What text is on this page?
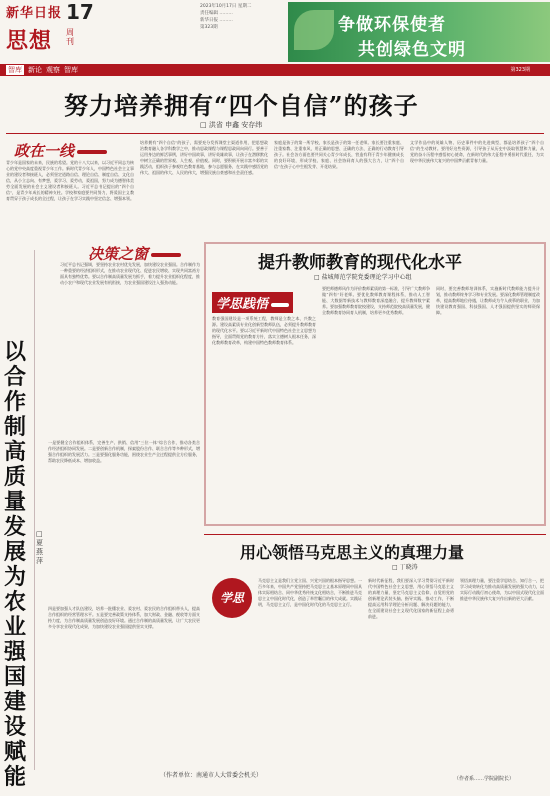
新华日报 17
思想 周刊
2023年10月17日 星期二
责任编辑 ………
新华日报 ………
第323期	争做环保使者
共创绿色文明
智库 新论 观察 智库	第323期
努力培养拥有“四个自信”的孩子
□ 洪省 申鑫 安存纬
政在一线
青少年是国家的未来，民族的希望。党的十八大以来，以习近平同志为核心的党中央高度重视青少年工作。新时代青少年人，中国特色社会主义事业的建设者和接班人，必须坚定道路自信、理论自信、制度自信、文化自信，从小立志向、有梦想，爱学习、爱劳动，爱祖国，努力成为德智体美劳全面发展的社会主义建设者和接班人。习近平总书记提出的“四个自信”，是青少年成长的精神支柱。学校和家庭要共同努力，将爱国主义教育贯穿于孩子成长的全过程，让孩子在学习实践中坚定信念、增强本领。
培养拥有“四个自信”的孩子，需要充分发挥课堂主渠道作用，把思想政治教育融入各学科教学之中，推动思政课程与课程思政同向同行。要善于运用身边的鲜活事例，讲好中国故事，讲好英雄故事，让孩子在潜移默化中树立正确的世界观、人生观、价值观。同时，要积极开展丰富多彩的实践活动，组织孩子参观红色教育基地，参与志愿服务，在实践中感悟党的伟大、祖国的伟大、人民的伟大，增强民族自豪感和社会责任感。
家庭是孩子的第一所学校，家长是孩子的第一任老师。家长要注重家庭、注重家教、注重家风，用正确的思想、正确的方法、正确的行动教育引导孩子。社会各方面也要共同关心青少年成长，营造有利于青少年健康成长的良好环境，形成学校、家庭、社会协同育人的强大合力，让“四个自信”在孩子心中生根发芽、开花结果。
文学作品中的英雄人物、历史事件中的先进典型，都是培养孩子“四个自信”的生动教材。要用好这些资源，引导孩子从历史中汲取智慧和力量，从党的奋斗历程中感悟初心使命，在新时代的伟大征程中勇担时代重任，为实现中华民族伟大复兴的中国梦贡献青春力量。
以合作制高质量发展为农业强国建设赋能
□ 夏燕萍
决策之窗
习近平总书记强调，要坚持农业农村优先发展，加快建设农业强国。合作制作为一种重要的经济组织形式，在推动农业现代化、促进农民增收、实现共同富裕方面具有独特优势。要以合作制高质量发展为抓手，着力提升农业组织化程度，推动小农户和现代农业发展有机衔接，为农业强国建设注入强劲动能。
一是要健全合作组织体系，完善生产、供销、信用“三位一体”综合合作，推动各类合作经济组织协同发展。二是要创新合作机制，探索股份合作、联合合作等多种形式，增强合作组织的发展活力。三是要强化服务功能，围绕农业生产全过程提供全方位服务，帮助农民降低成本、增加收益。
四是要加强人才队伍建设，培养一批懂农业、爱农村、爱农民的合作组织带头人，提高合作组织的经营管理水平。五是要完善政策支持体系，加大财政、金融、税收等方面支持力度，为合作制高质量发展创造良好环境。通过合作制的高质量发展，让广大农民更多分享农业现代化成果，为加快建设农业强国提供坚实支撑。
（作者单位：南通市人大常委会机关）
提升教师教育的现代化水平
□ 盐城师范学院党委理论学习中心组
学思践悟
教育强国建设是一项系统工程，教师是立教之本、兴教之源。建设高素质专业化创新型教师队伍，必须提升教师教育的现代化水平。要以习近平新时代中国特色社会主义思想为指导，全面贯彻党的教育方针，落实立德树人根本任务，深化教师教育改革，构建中国特色教师教育体系。
要把师德师风作为评价教师素质的第一标准，引导广大教师争做“四有”好老师。要优化教师教育课程体系，推动人工智能、大数据等新技术与教师教育深度融合，提升教师数字素养。要加强教师教育院校建设，支持师范院校高质量发展，健全教师教育协同育人机制，培养更多优秀教师。
同时，要完善教师培训体系，实施新时代教师能力提升计划，推动教师终身学习和专业发展。要深化教师管理制度改革，提高教师地位待遇，让教师成为令人羡慕的职业，为加快建设教育强国、科技强国、人才强国提供坚实的师资保障。
用心领悟马克思主义的真理力量
□ 丁晓涛
学思
马克思主义是我们立党立国、兴党兴国的根本指导思想。一百多年来，中国共产党坚持把马克思主义基本原理同中国具体实际相结合、同中华优秀传统文化相结合，不断推进马克思主义中国化时代化，创造了举世瞩目的伟大成就。实践证明，马克思主义行，是中国化时代化的马克思主义行。
新时代新征程，我们要深入学习贯彻习近平新时代中国特色社会主义思想，用心领悟马克思主义的真理力量，坚定马克思主义信仰，自觉用党的创新理论武装头脑、指导实践、推动工作，不断提高运用科学理论分析问题、解决问题的能力，在全面建设社会主义现代化国家的新征程上奋勇前进。
领悟真理力量，要注重学思结合、知行合一，把学习成效转化为推动高质量发展的强大动力，以实际行动践行初心使命，为以中国式现代化全面推进中华民族伟大复兴作出新的更大贡献。
（作者系……学院副院长）
